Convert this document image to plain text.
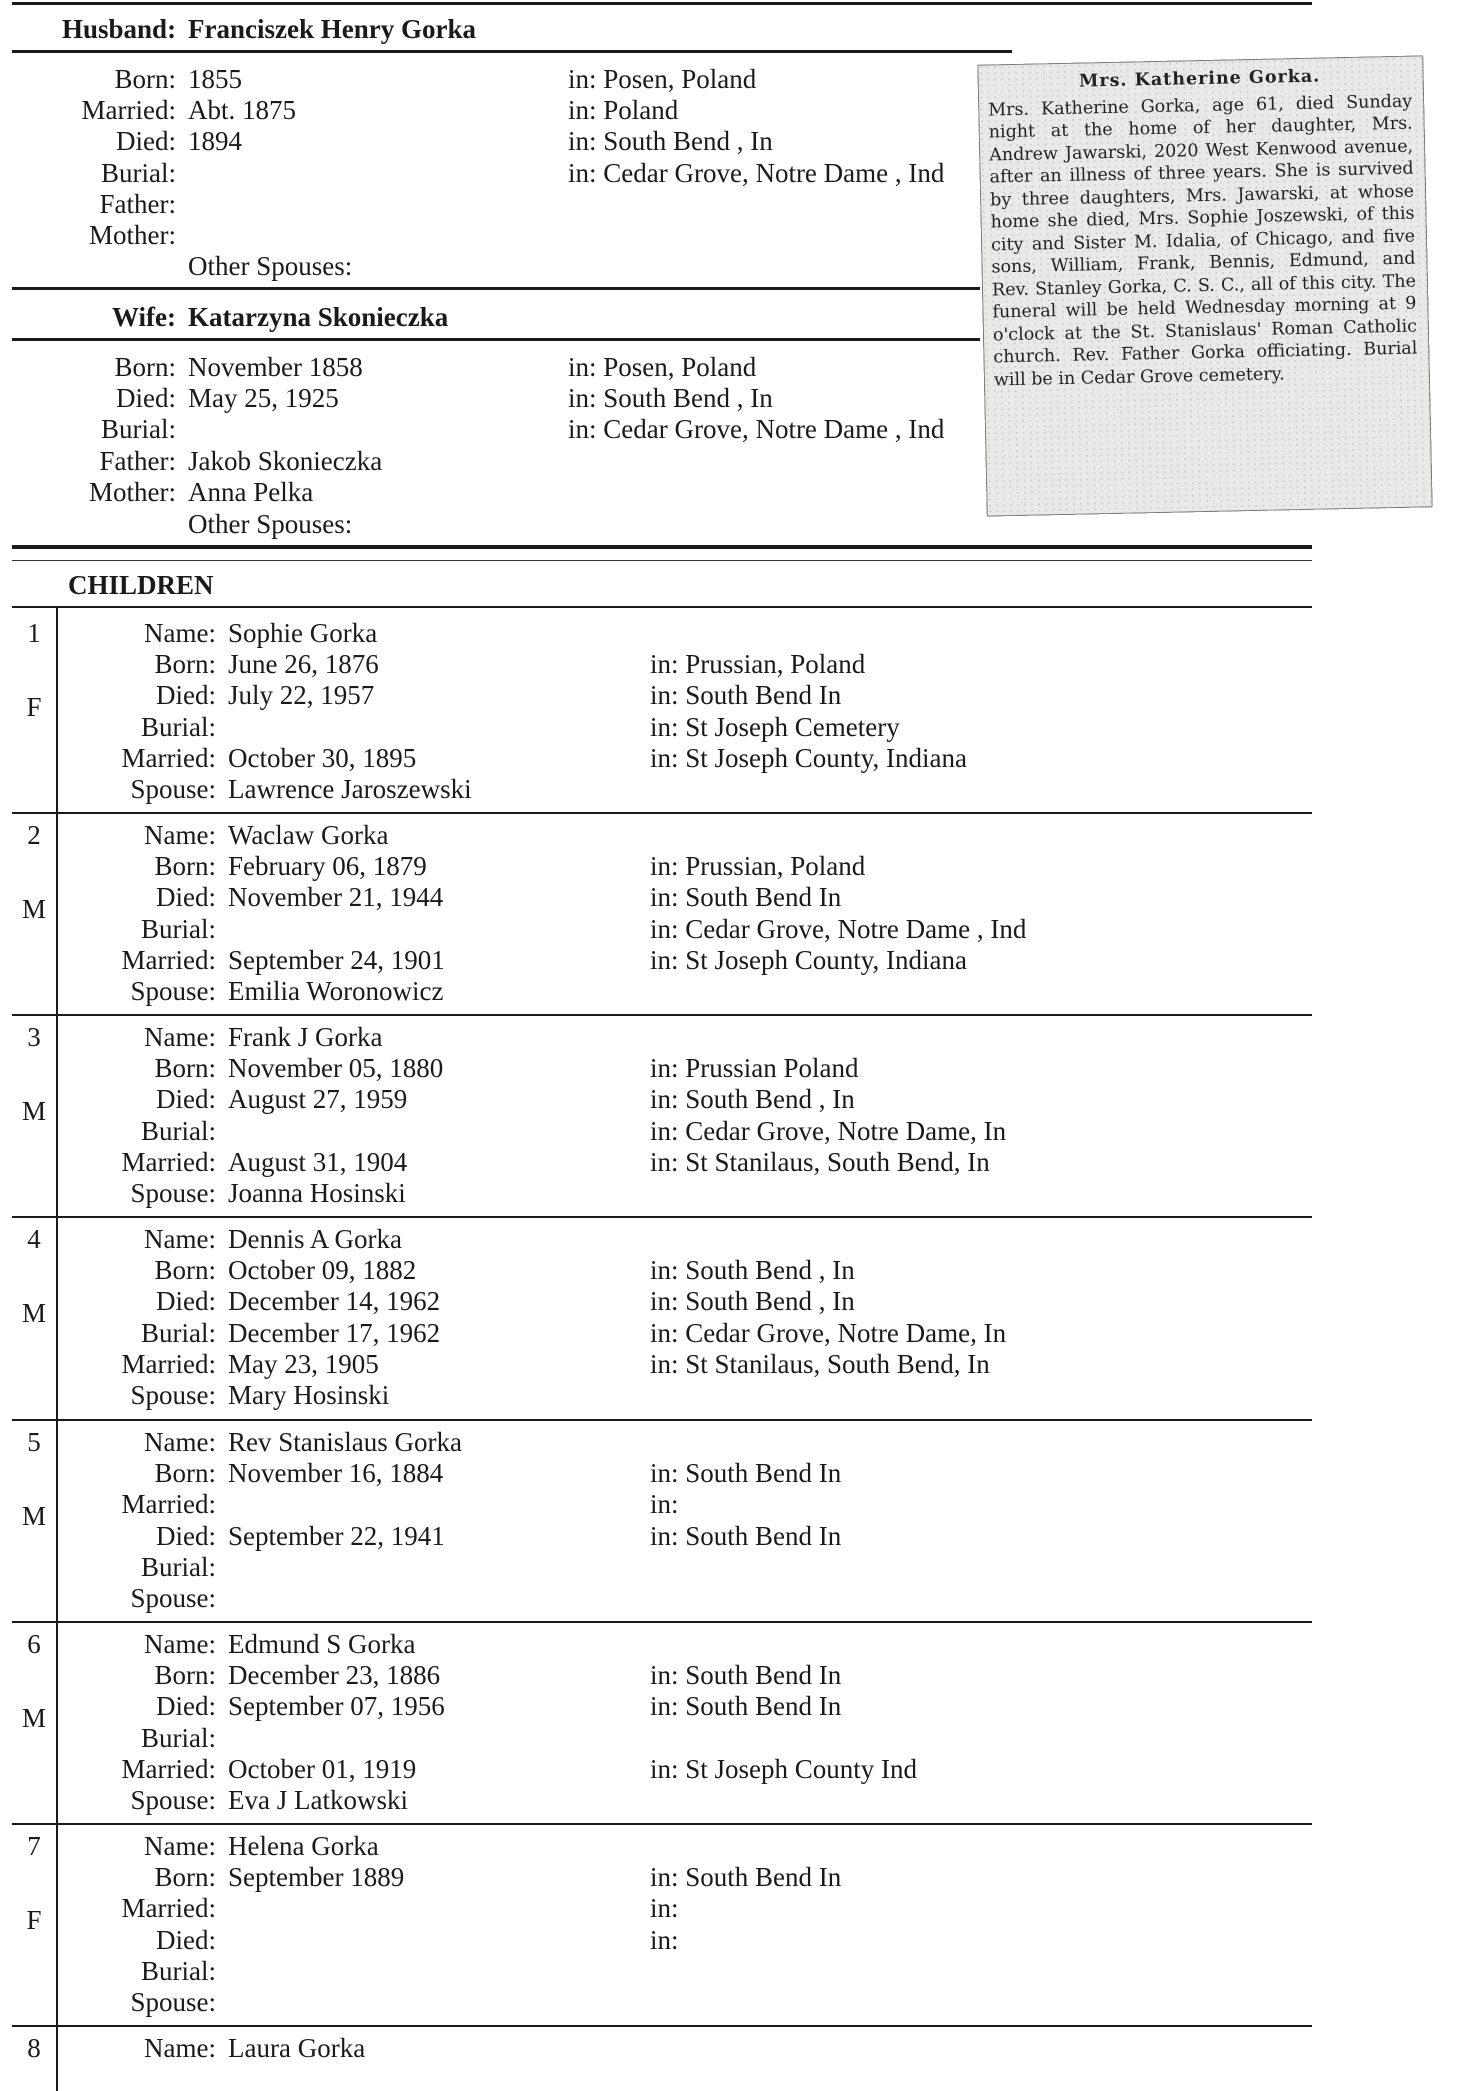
Husband: Franciszek Henry Gorka
Born: 1855	in: Posen, Poland
Married: Abt. 1875	in: Poland
Died: 1894	in: South Bend , In
Burial:	in: Cedar Grove, Notre Dame , Ind
Father:
Mother:
Other Spouses:
Wife: Katarzyna Skonieczka
Born: November 1858	in: Posen, Poland
Died: May 25, 1925	in: South Bend , In
Burial:	in: Cedar Grove, Notre Dame , Ind
Father: Jakob Skonieczka
Mother: Anna Pelka
Other Spouses:
Mrs. Katherine Gorka.
Mrs. Katherine Gorka, age 61, died Sunday night at the home of her daughter, Mrs. Andrew Jawarski, 2020 West Kenwood avenue, after an illness of three years. She is survived by three daughters, Mrs. Jawarski, at whose home she died, Mrs. Sophie Joszewski, of this city and Sister M. Idalia, of Chicago, and five sons, William, Frank, Bennis, Edmund, and Rev. Stanley Gorka, C. S. C., all of this city. The funeral will be held Wednesday morning at 9 o'clock at the St. Stanislaus' Roman Catholic church. Rev. Father Gorka officiating. Burial will be in Cedar Grove cemetery.
CHILDREN
1
F
Name: Sophie Gorka
Born: June 26, 1876	in: Prussian, Poland
Died: July 22, 1957	in: South Bend In
Burial:	in: St Joseph Cemetery
Married: October 30, 1895	in: St Joseph County, Indiana
Spouse: Lawrence Jaroszewski
2
M
Name: Waclaw Gorka
Born: February 06, 1879	in: Prussian, Poland
Died: November 21, 1944	in: South Bend In
Burial:	in: Cedar Grove, Notre Dame , Ind
Married: September 24, 1901	in: St Joseph County, Indiana
Spouse: Emilia Woronowicz
3
M
Name: Frank J Gorka
Born: November 05, 1880	in: Prussian Poland
Died: August 27, 1959	in: South Bend , In
Burial:	in: Cedar Grove, Notre Dame, In
Married: August 31, 1904	in: St Stanilaus, South Bend, In
Spouse: Joanna Hosinski
4
M
Name: Dennis A Gorka
Born: October 09, 1882	in: South Bend , In
Died: December 14, 1962	in: South Bend , In
Burial: December 17, 1962	in: Cedar Grove, Notre Dame, In
Married: May 23, 1905	in: St Stanilaus, South Bend, In
Spouse: Mary Hosinski
5
M
Name: Rev Stanislaus Gorka
Born: November 16, 1884	in: South Bend In
Married:	in:
Died: September 22, 1941	in: South Bend In
Burial:
Spouse:
6
M
Name: Edmund S Gorka
Born: December 23, 1886	in: South Bend In
Died: September 07, 1956	in: South Bend In
Burial:
Married: October 01, 1919	in: St Joseph County Ind
Spouse: Eva J Latkowski
7
F
Name: Helena Gorka
Born: September 1889	in: South Bend In
Married:	in:
Died:	in:
Burial:
Spouse:
8	Name: Laura Gorka
